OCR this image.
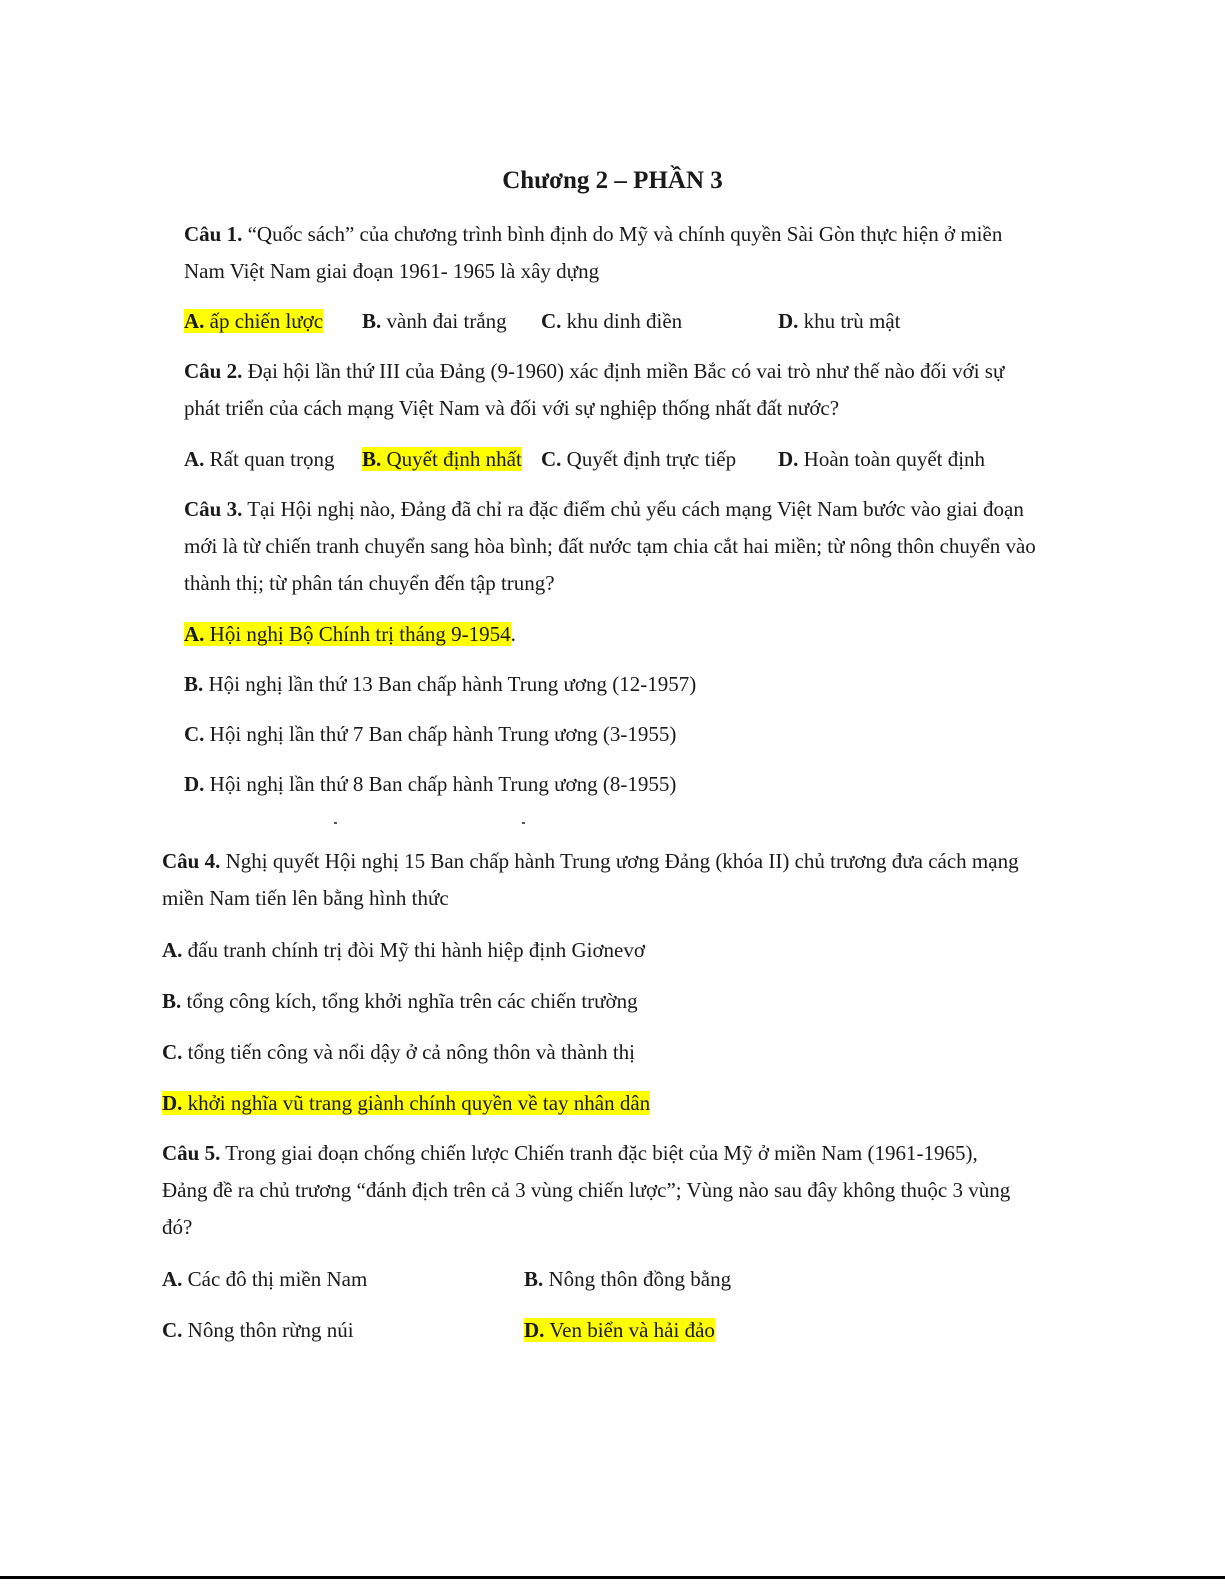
Chương 2 – PHẦN 3
Câu 1. “Quốc sách” của chương trình bình định do Mỹ và chính quyền Sài Gòn thực hiện ở miền
Nam Việt Nam giai đoạn 1961- 1965 là xây dựng
A. ấp chiến lược B. vành đai trắng C. khu dinh điền	D. khu trù mật
Câu 2. Đại hội lần thứ III của Đảng (9-1960) xác định miền Bắc có vai trò như thế nào đối với sự
phát triển của cách mạng Việt Nam và đối với sự nghiệp thống nhất đất nước?
A. Rất quan trọng B. Quyết định nhất C. Quyết định trực tiếp D. Hoàn toàn quyết định
Câu 3. Tại Hội nghị nào, Đảng đã chỉ ra đặc điểm chủ yếu cách mạng Việt Nam bước vào giai đoạn
mới là từ chiến tranh chuyển sang hòa bình; đất nước tạm chia cắt hai miền; từ nông thôn chuyển vào
thành thị; từ phân tán chuyển đến tập trung?
A. Hội nghị Bộ Chính trị tháng 9-1954.
B. Hội nghị lần thứ 13 Ban chấp hành Trung ương (12-1957)
C. Hội nghị lần thứ 7 Ban chấp hành Trung ương (3-1955)
D. Hội nghị lần thứ 8 Ban chấp hành Trung ương (8-1955)
Câu 4. Nghị quyết Hội nghị 15 Ban chấp hành Trung ương Đảng (khóa II) chủ trương đưa cách mạng
miền Nam tiến lên bằng hình thức
A. đấu tranh chính trị đòi Mỹ thi hành hiệp định Giơnevơ
B. tổng công kích, tổng khởi nghĩa trên các chiến trường
C. tổng tiến công và nổi dậy ở cả nông thôn và thành thị
D. khởi nghĩa vũ trang giành chính quyền về tay nhân dân
Câu 5. Trong giai đoạn chống chiến lược Chiến tranh đặc biệt của Mỹ ở miền Nam (1961-1965),
Đảng đề ra chủ trương “đánh địch trên cả 3 vùng chiến lược”; Vùng nào sau đây không thuộc 3 vùng
đó?
A. Các đô thị miền Nam	B. Nông thôn đồng bằng
C. Nông thôn rừng núi	D. Ven biển và hải đảo
